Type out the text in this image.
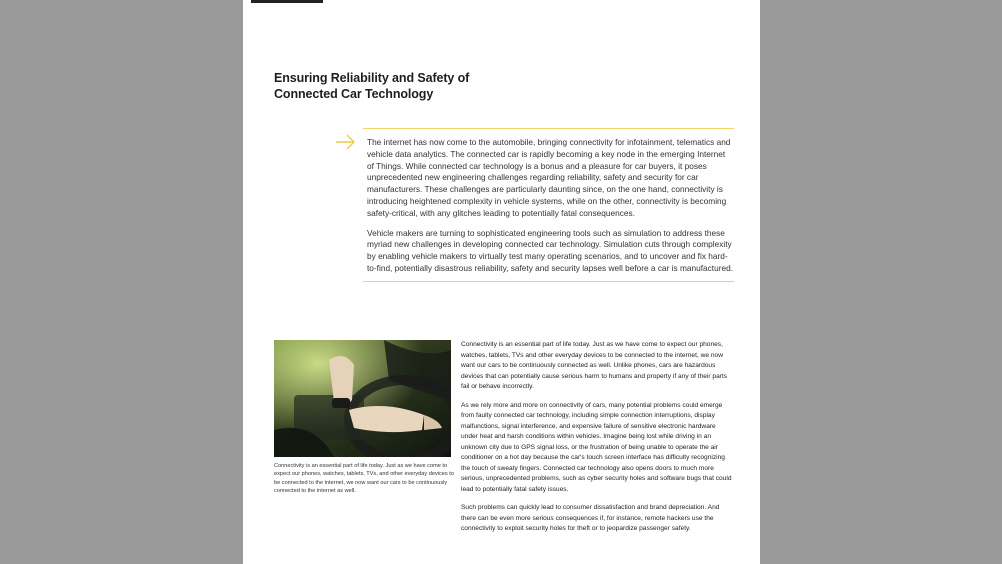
Ensuring Reliability and Safety of
Connected Car Technology

The internet has now come to the automobile, bringing connectivity for infotainment, telematics and vehicle data analytics. The connected car is rapidly becoming a key node in the emerging Internet of Things. While connected car technology is a bonus and a pleasure for car buyers, it poses unprecedented new engineering challenges regarding reliability, safety and security for car manufacturers. These challenges are particularly daunting since, on the one hand, connectivity is introducing heightened complexity in vehicle systems, while on the other, connectivity is becoming safety-critical, with any glitches leading to potentially fatal consequences.

Vehicle makers are turning to sophisticated engineering tools such as simulation to address these myriad new challenges in developing connected car technology. Simulation cuts through complexity by enabling vehicle makers to virtually test many operating scenarios, and to uncover and fix hard-to-find, potentially disastrous reliability, safety and security lapses well before a car is manufactured.

Connectivity is an essential part of life today. Just as we have come to expect our phones, watches, tablets, TVs, and other everyday devices to be connected to the internet, we now want our cars to be continuously connected to the internet as well.

Connectivity is an essential part of life today. Just as we have come to expect our phones, watches, tablets, TVs and other everyday devices to be connected to the internet, we now want our cars to be continuously connected as well. Unlike phones, cars are hazardous devices that can potentially cause serious harm to humans and property if any of their parts fail or behave incorrectly.

As we rely more and more on connectivity of cars, many potential problems could emerge from faulty connected car technology, including simple connection interruptions, display malfunctions, signal interference, and expensive failure of sensitive electronic hardware under heat and harsh conditions within vehicles. Imagine being lost while driving in an unknown city due to GPS signal loss, or the frustration of being unable to operate the air conditioner on a hot day because the car's touch screen interface has difficulty recognizing the touch of sweaty fingers. Connected car technology also opens doors to much more serious, unprecedented problems, such as cyber security holes and software bugs that could lead to potentially fatal safety issues.

Such problems can quickly lead to consumer dissatisfaction and brand depreciation. And there can be even more serious consequences if, for instance, remote hackers use the connectivity to exploit security holes for theft or to jeopardize passenger safety.
